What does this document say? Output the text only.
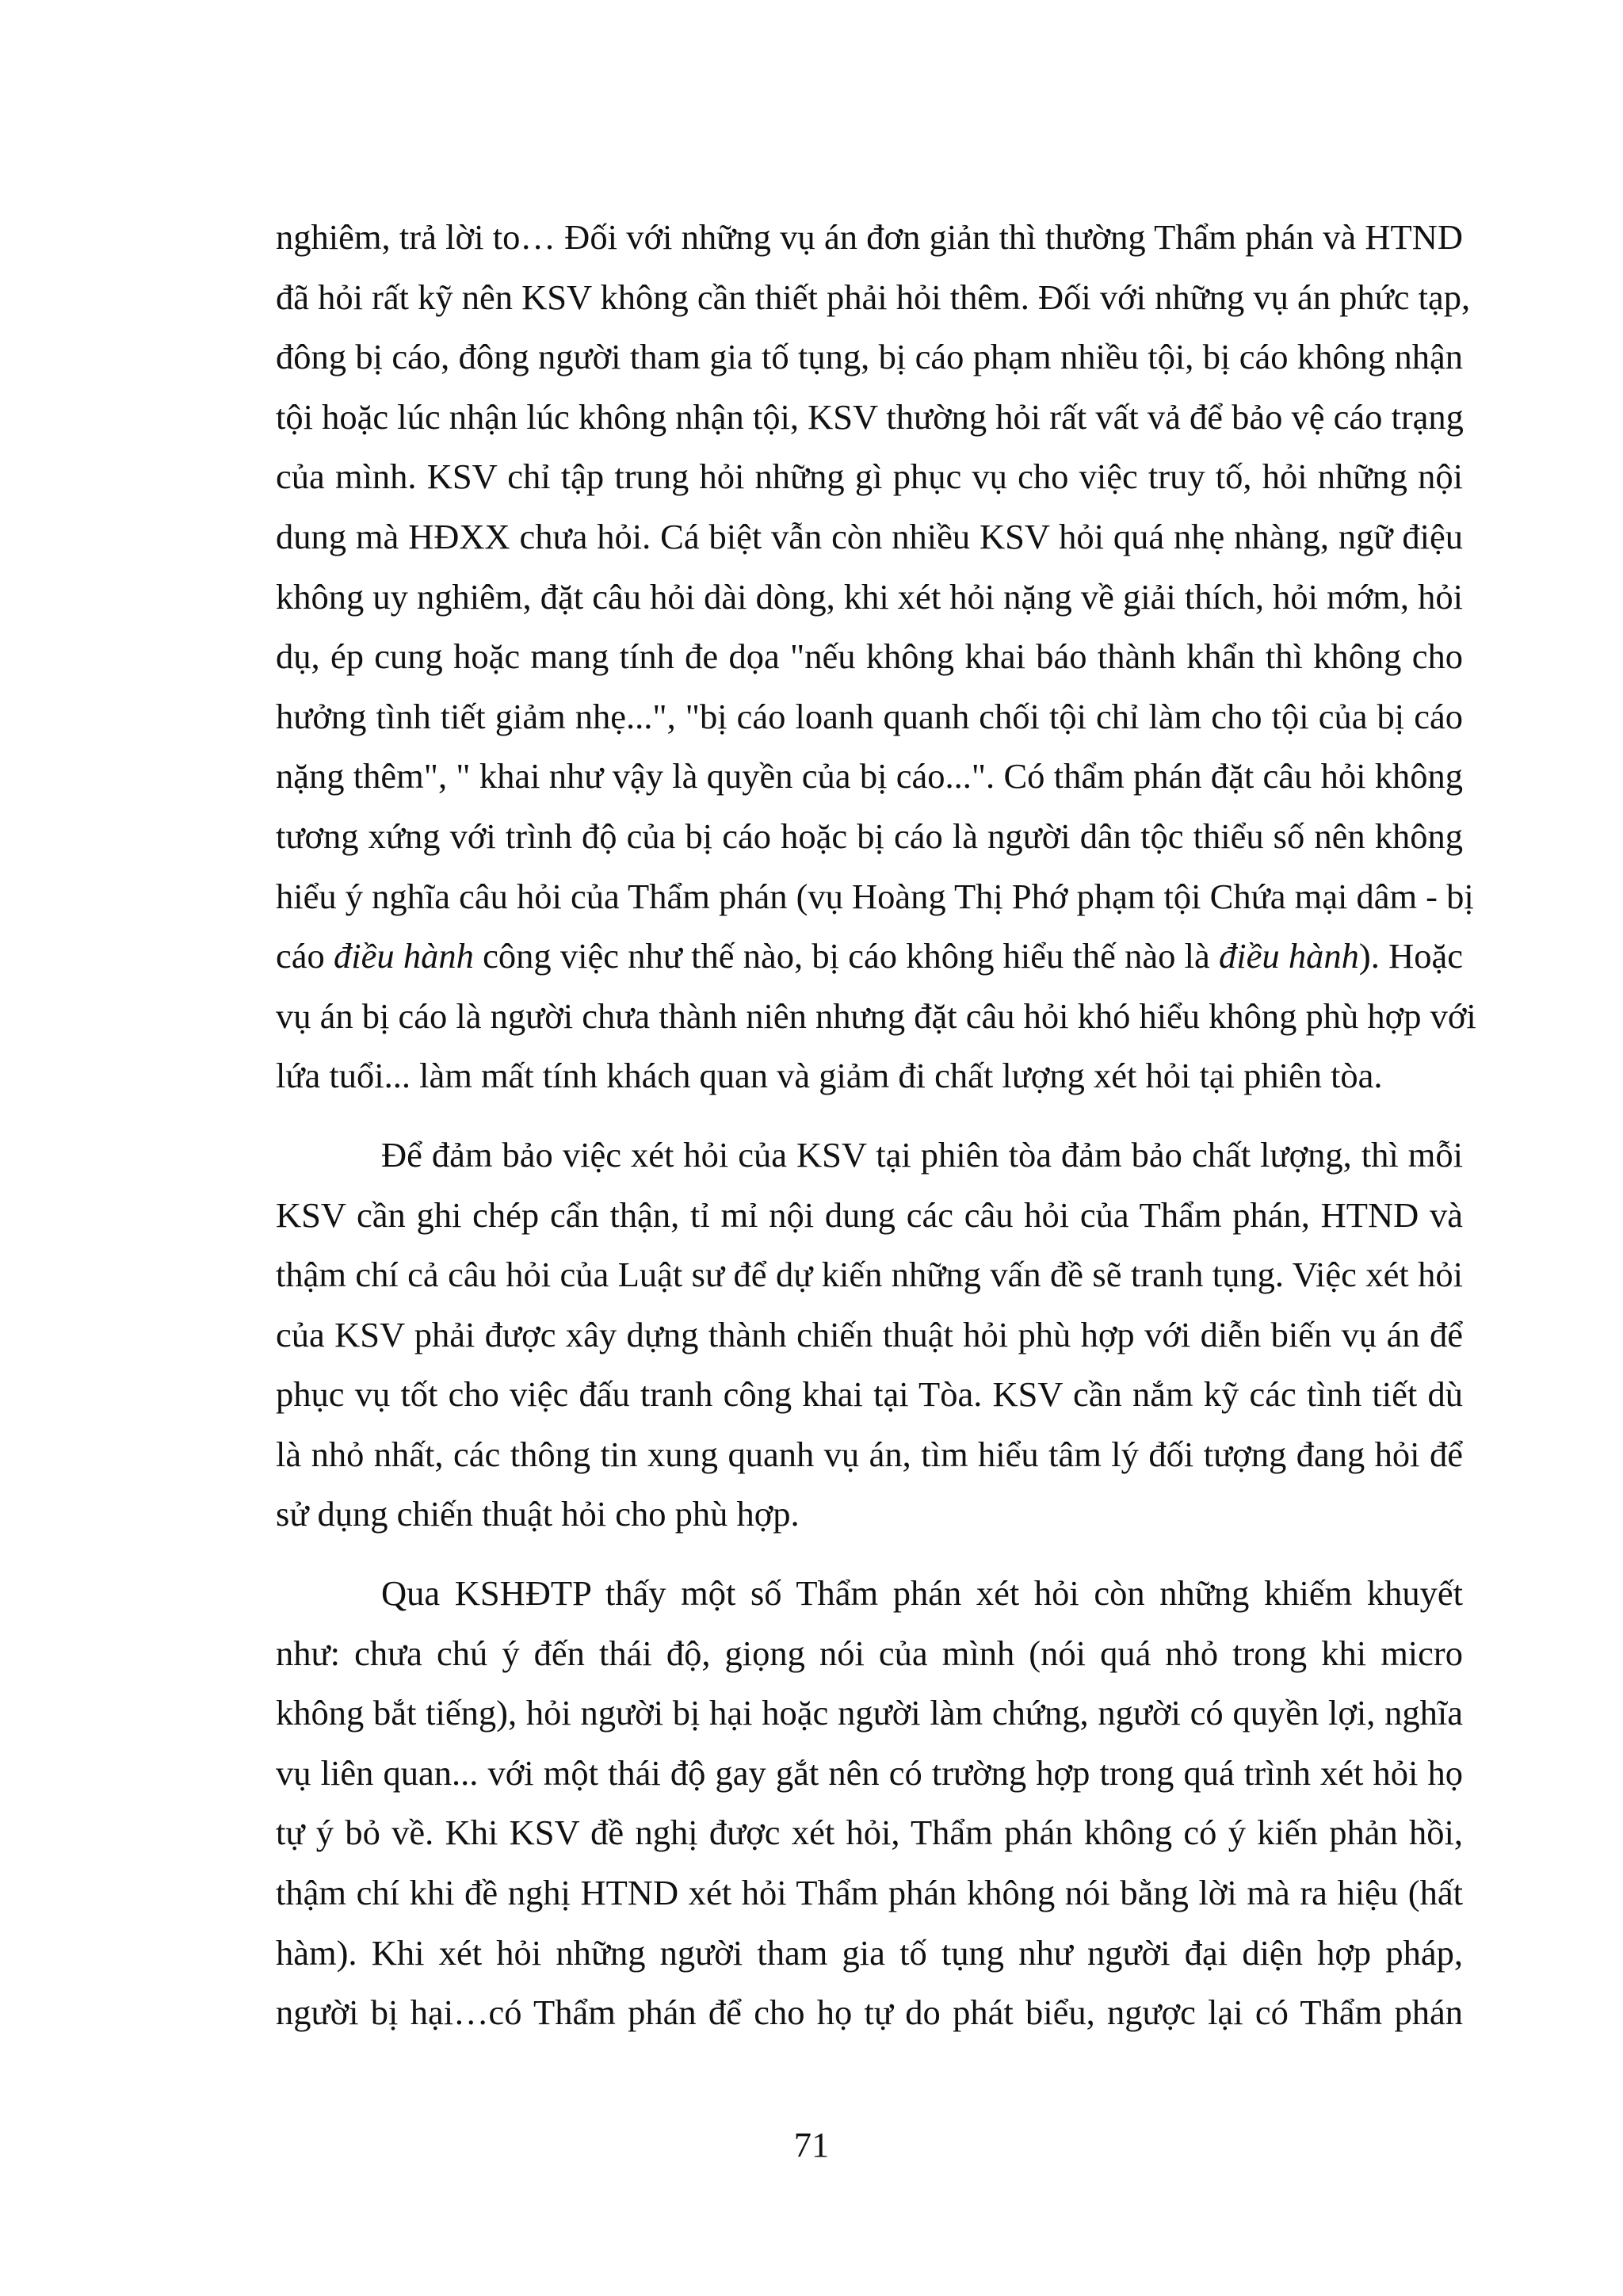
nghiêm, trả lời to… Đối với những vụ án đơn giản thì thường Thẩm phán và HTND
đã hỏi rất kỹ nên KSV không cần thiết phải hỏi thêm. Đối với những vụ án phức tạp,
đông bị cáo, đông người tham gia tố tụng, bị cáo phạm nhiều tội, bị cáo không nhận
tội hoặc lúc nhận lúc không nhận tội, KSV thường hỏi rất vất vả để bảo vệ cáo trạng
của mình. KSV chỉ tập trung hỏi những gì phục vụ cho việc truy tố, hỏi những nội
dung mà HĐXX chưa hỏi. Cá biệt vẫn còn nhiều KSV hỏi quá nhẹ nhàng, ngữ điệu
không uy nghiêm, đặt câu hỏi dài dòng, khi xét hỏi nặng về giải thích, hỏi mớm, hỏi
dụ, ép cung hoặc mang tính đe dọa "nếu không khai báo thành khẩn thì không cho
hưởng tình tiết giảm nhẹ...", "bị cáo loanh quanh chối tội chỉ làm cho tội của bị cáo
nặng thêm", " khai như vậy là quyền của bị cáo...". Có thẩm phán đặt câu hỏi không
tương xứng với trình độ của bị cáo hoặc bị cáo là người dân tộc thiểu số nên không
hiểu ý nghĩa câu hỏi của Thẩm phán (vụ Hoàng Thị Phớ phạm tội Chứa mại dâm - bị
cáo điều hành công việc như thế nào, bị cáo không hiểu thế nào là điều hành). Hoặc
vụ án bị cáo là người chưa thành niên nhưng đặt câu hỏi khó hiểu không phù hợp với
lứa tuổi... làm mất tính khách quan và giảm đi chất lượng xét hỏi tại phiên tòa.
Để đảm bảo việc xét hỏi của KSV tại phiên tòa đảm bảo chất lượng, thì mỗi
KSV cần ghi chép cẩn thận, tỉ mỉ nội dung các câu hỏi của Thẩm phán, HTND và
thậm chí cả câu hỏi của Luật sư để dự kiến những vấn đề sẽ tranh tụng. Việc xét hỏi
của KSV phải được xây dựng thành chiến thuật hỏi phù hợp với diễn biến vụ án để
phục vụ tốt cho việc đấu tranh công khai tại Tòa. KSV cần nắm kỹ các tình tiết dù
là nhỏ nhất, các thông tin xung quanh vụ án, tìm hiểu tâm lý đối tượng đang hỏi để
sử dụng chiến thuật hỏi cho phù hợp.
Qua KSHĐTP thấy một số Thẩm phán xét hỏi còn những khiếm khuyết
như: chưa chú ý đến thái độ, giọng nói của mình (nói quá nhỏ trong khi micro
không bắt tiếng), hỏi người bị hại hoặc người làm chứng, người có quyền lợi, nghĩa
vụ liên quan... với một thái độ gay gắt nên có trường hợp trong quá trình xét hỏi họ
tự ý bỏ về. Khi KSV đề nghị được xét hỏi, Thẩm phán không có ý kiến phản hồi,
thậm chí khi đề nghị HTND xét hỏi Thẩm phán không nói bằng lời mà ra hiệu (hất
hàm). Khi xét hỏi những người tham gia tố tụng như người đại diện hợp pháp,
người bị hại…có Thẩm phán để cho họ tự do phát biểu, ngược lại có Thẩm phán
71
